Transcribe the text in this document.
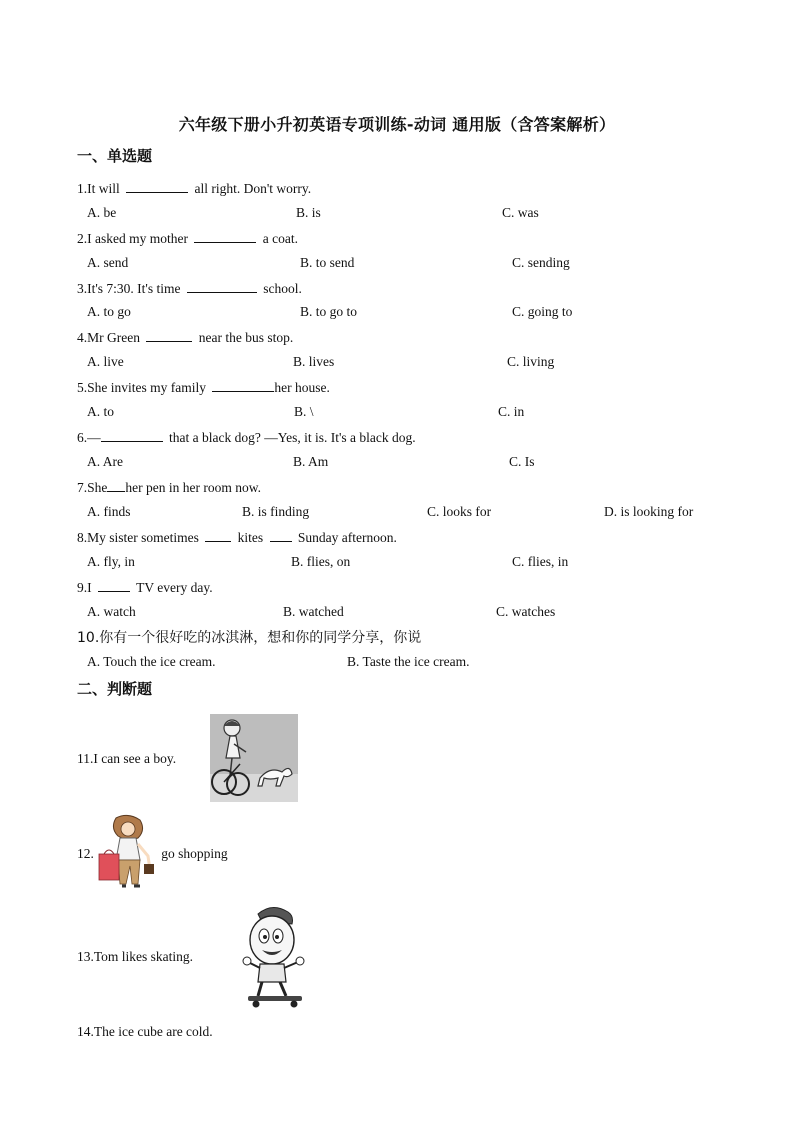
六年级下册小升初英语专项训练-动词 通用版（含答案解析）
一、单选题
1.It will	all right. Don't worry.
A. be	B. is	C. was
2.I asked my mother	a coat.
A. send	B. to send	C. sending
3.It's 7:30. It's time	school.
A. to go	B. to go to	C. going to
4.Mr Green	near the bus stop.
A. live	B. lives	C. living
5.She invites my family	her house.
A. to	B. \	C. in
6.—	that a black dog? —Yes, it is. It's a black dog.
A. Are	B. Am	C. Is
7.She her pen in her room now.
A. finds	B. is finding	C. looks for	D. is looking for
8.My sister sometimes  kites  Sunday afternoon.
A. fly, in	B. flies, on	C. flies, in
9.I	TV every day.
A. watch	B. watched	C. watches
10.你有一个很好吃的冰淇淋，想和你的同学分享，你说
A. Touch the ice cream.	B. Taste the ice cream.
二、判断题
11.I can see a boy.
12.	go shopping
13.Tom likes skating.
14.The ice cube are cold.
